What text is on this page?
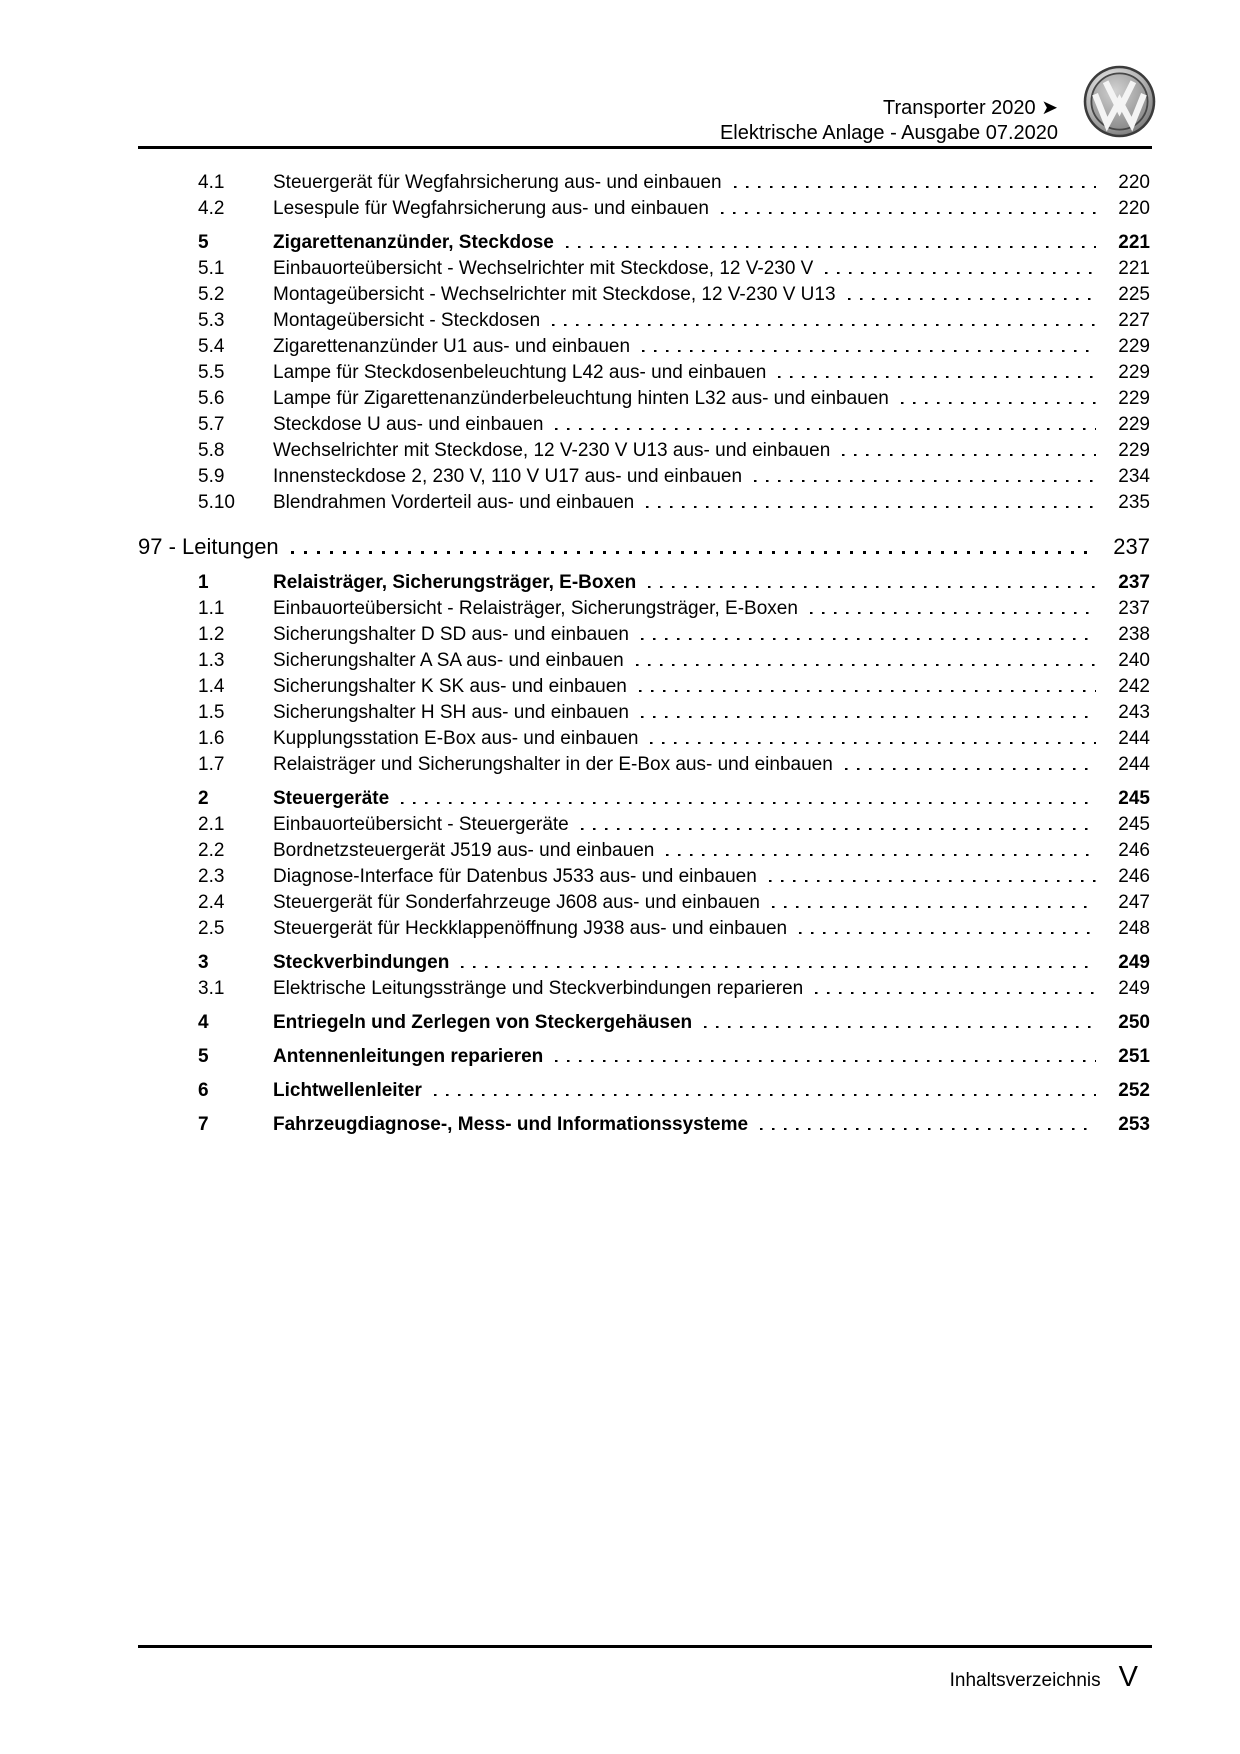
Transporter 2020 ➤
Elektrische Anlage - Ausgabe 07.2020
4.1	Steuergerät für Wegfahrsicherung aus- und einbauen	220
4.2	Lesespule für Wegfahrsicherung aus- und einbauen	220
5	Zigarettenanzünder, Steckdose	221
5.1	Einbauorteübersicht - Wechselrichter mit Steckdose, 12 V-230 V	221
5.2	Montageübersicht - Wechselrichter mit Steckdose, 12 V-230 V U13	225
5.3	Montageübersicht - Steckdosen	227
5.4	Zigarettenanzünder U1 aus- und einbauen	229
5.5	Lampe für Steckdosenbeleuchtung L42 aus- und einbauen	229
5.6	Lampe für Zigarettenanzünderbeleuchtung hinten L32 aus- und einbauen	229
5.7	Steckdose U aus- und einbauen	229
5.8	Wechselrichter mit Steckdose, 12 V-230 V U13 aus- und einbauen	229
5.9	Innensteckdose 2, 230 V, 110 V U17 aus- und einbauen	234
5.10	Blendrahmen Vorderteil aus- und einbauen	235
97 - Leitungen	237
1	Relaisträger, Sicherungsträger, E-Boxen	237
1.1	Einbauorteübersicht - Relaisträger, Sicherungsträger, E-Boxen	237
1.2	Sicherungshalter D SD aus- und einbauen	238
1.3	Sicherungshalter A SA aus- und einbauen	240
1.4	Sicherungshalter K SK aus- und einbauen	242
1.5	Sicherungshalter H SH aus- und einbauen	243
1.6	Kupplungsstation E-Box aus- und einbauen	244
1.7	Relaisträger und Sicherungshalter in der E-Box aus- und einbauen	244
2	Steuergeräte	245
2.1	Einbauorteübersicht - Steuergeräte	245
2.2	Bordnetzsteuergerät J519 aus- und einbauen	246
2.3	Diagnose-Interface für Datenbus J533 aus- und einbauen	246
2.4	Steuergerät für Sonderfahrzeuge J608 aus- und einbauen	247
2.5	Steuergerät für Heckklappenöffnung J938 aus- und einbauen	248
3	Steckverbindungen	249
3.1	Elektrische Leitungsstränge und Steckverbindungen reparieren	249
4	Entriegeln und Zerlegen von Steckergehäusen	250
5	Antennenleitungen reparieren	251
6	Lichtwellenleiter	252
7	Fahrzeugdiagnose-, Mess- und Informationssysteme	253
Inhaltsverzeichnis V
